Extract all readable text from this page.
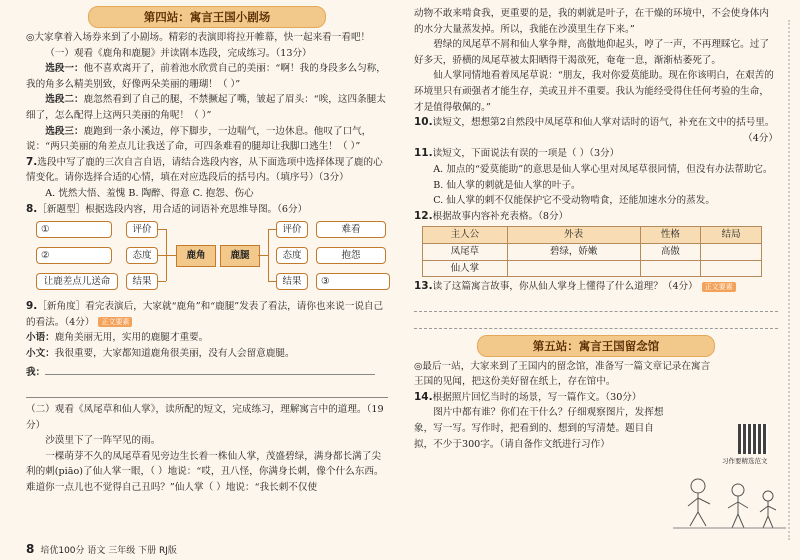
第四站：寓言王国小剧场

◎大家拿着入场券来到了小剧场。精彩的表演即将拉开帷幕，快一起来看一看吧！

（一）观看《鹿角和鹿腿》并读剧本选段，完成练习。（13分）

选段一：他不喜欢离开了，前着池水欣赏自己的美丽：“啊！我的身段多么匀称，我的角多么精美别致，好像两朵美丽的珊瑚！（ ）”

选段二：鹿忽然看到了自己的腿，不禁撅起了嘴，皱起了眉头：“唉，这四条腿太细了，怎么配得上这两只美丽的角呢！（ ）”

选段三：鹿跑到一条小溪边，停下脚步，一边喘气，一边休息。他叹了口气，说：“两只美丽的角差点儿让我送了命，可四条难看的腿却让我脚口逃生！（ ）”

7.选段中写了鹿的三次自言自语，请结合选段内容，从下面选项中选择体现了鹿的心情变化。请你选择合适的心情，填在对应选段后的括号内。（填序号）（3分）

A. 恍然大悟、羞愧 B. 陶醉、得意 C. 抱怨、伤心

8.［新题型］根据选段内容，用合适的词语补充思维导图。（6分）

①
②
让鹿差点儿送命
评价
态度
结果
鹿角	鹿腿
评价
态度
结果
难看
抱怨
③

9.［新角度］看完表演后，大家就“鹿角”和“鹿腿”发表了看法，请你也来说一说自己的看法。（4分） 正文要素

小语：鹿角美丽无用，实用的鹿腿才重要。

小文：我很重要，大家都知道鹿角很美丽，没有人会留意鹿腿。

我：

（二）观看《凤尾草和仙人掌》，读所配的短文，完成练习，理解寓言中的道理。（19分）

沙漠里下了一阵罕见的雨。

一棵萌芽不久的凤尾草看见旁边生长着一株仙人掌，茂盛碧绿，满身都长满了尖利的刺(piāo)了仙人掌一眼，（ ）地说：“哎，丑八怪，你满身长刺，像个什么东西。难道你一点儿也不觉得自己丑吗？”仙人掌（ ）地说：“我长刺不仅使

8 培优100分 语文 三年级 下册 RJ版

动物不敢来啃食我，更重要的是，我的刺就是叶子，在干燥的环境中，不会使身体内的水分大量蒸发掉。所以，我能在沙漠里生存下来。”

碧绿的凤尾草不屑和仙人掌争辩，高傲地仰起头，哼了一声，不再理睬它。过了好多天，骄横的凤尾草被太阳晒得干渴欲死，奄奄一息，渐渐枯萎死了。

仙人掌同情地看着凤尾草说：“朋友，我对你爱莫能助。现在你该明白，在艰苦的环境里只有顽强者才能生存，美或丑并不重要。我认为能经受得住任何考验的生命，才是值得敬佩的。”

10.读短文，想想第2自然段中凤尾草和仙人掌对话时的语气，补充在文中的括号里。

（4分）

11.读短文，下面说法有误的一项是（ ）（3分）

A. 加点的“爱莫能助”的意思是仙人掌心里对凤尾草很同情，但没有办法帮助它。

B. 仙人掌的刺就是仙人掌的叶子。

C. 仙人掌的刺不仅能保护它不受动物啃食，还能加速水分的蒸发。

12.根据故事内容补充表格。（8分）

主人公	外表	性格	结局
凤尾草	碧绿，娇嫩	高傲	
仙人掌			

13.读了这篇寓言故事，你从仙人掌身上懂得了什么道理？（4分） 正文要素

第五站：寓言王国留念馆

◎最后一站，大家来到了王国内的留念馆，准备写一篇文章记录在寓言王国的见闻，把这份美好留在纸上，存在馆中。

14.根据照片回忆当时的场景，写一篇作文。（30分）

图片中都有谁？你们在干什么？仔细观察图片，发挥想象，写一写。写作时，把看到的、想到的写清楚。题目自拟，不少于300字。（请自备作文纸进行习作）

习作要精选范文
